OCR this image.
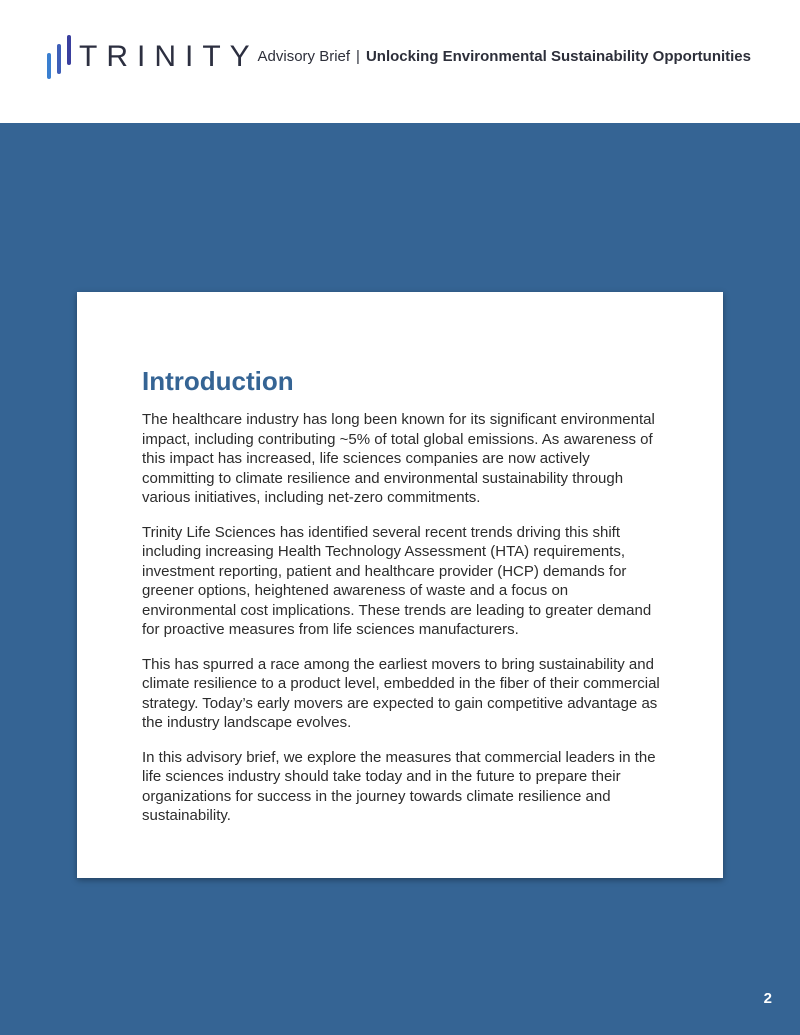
TRINITY
Advisory Brief | Unlocking Environmental Sustainability Opportunities
Introduction

The healthcare industry has long been known for its significant environmental impact, including contributing ~5% of total global emissions. As awareness of this impact has increased, life sciences companies are now actively committing to climate resilience and environmental sustainability through various initiatives, including net-zero commitments.

Trinity Life Sciences has identified several recent trends driving this shift including increasing Health Technology Assessment (HTA) requirements, investment reporting, patient and healthcare provider (HCP) demands for greener options, heightened awareness of waste and a focus on environmental cost implications. These trends are leading to greater demand for proactive measures from life sciences manufacturers.

This has spurred a race among the earliest movers to bring sustainability and climate resilience to a product level, embedded in the fiber of their commercial strategy. Today’s early movers are expected to gain competitive advantage as the industry landscape evolves.

In this advisory brief, we explore the measures that commercial leaders in the life sciences industry should take today and in the future to prepare their organizations for success in the journey towards climate resilience and sustainability.

2
